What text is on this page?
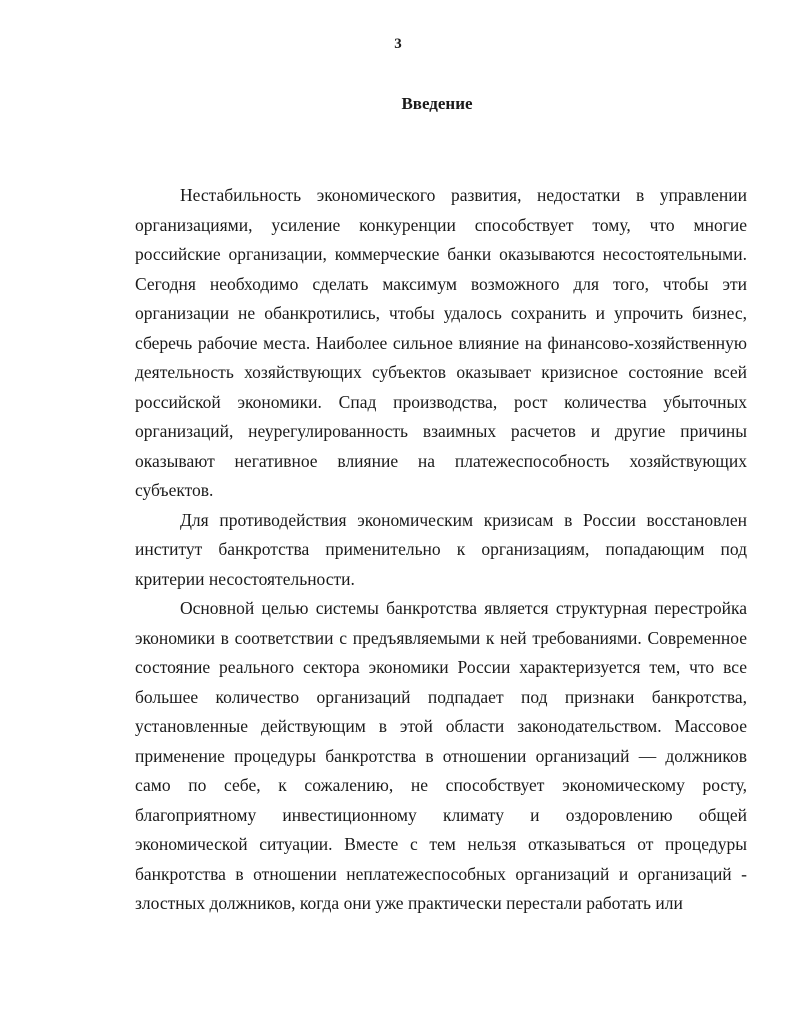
3
Введение

Нестабильность экономического развития, недостатки в управлении организациями, усиление конкуренции способствует тому, что многие российские организации, коммерческие банки оказываются несостоятельными. Сегодня необходимо сделать максимум возможного для того, чтобы эти организации не обанкротились, чтобы удалось сохранить и упрочить бизнес, сберечь рабочие места. Наиболее сильное влияние на финансово-хозяйственную деятельность хозяйствующих субъектов оказывает кризисное состояние всей российской экономики. Спад производства, рост количества убыточных организаций, неурегулированность взаимных расчетов и другие причины оказывают негативное влияние на платежеспособность хозяйствующих субъектов.

Для противодействия экономическим кризисам в России восстановлен институт банкротства применительно к организациям, попадающим под критерии несостоятельности.

Основной целью системы банкротства является структурная перестройка экономики в соответствии с предъявляемыми к ней требованиями. Современное состояние реального сектора экономики России характеризуется тем, что все большее количество организаций подпадает под признаки банкротства, установленные действующим в этой области законодательством. Массовое применение процедуры банкротства в отношении организаций — должников само по себе, к сожалению, не способствует экономическому росту, благоприятному инвестиционному климату и оздоровлению общей экономической ситуации. Вместе с тем нельзя отказываться от процедуры банкротства в отношении неплатежеспособных организаций и организаций - злостных должников, когда они уже практически перестали работать или
